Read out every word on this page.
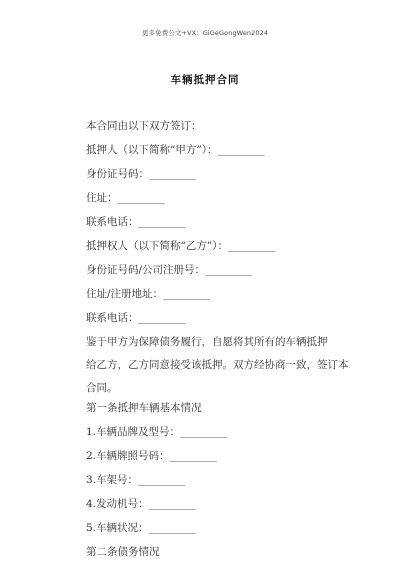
更多免费公文+VX：GiGeGongWen2024
车辆抵押合同
本合同由以下双方签订：
抵押人（以下简称“甲方”）：_________
身份证号码：_________
住址：_________
联系电话：_________
抵押权人（以下简称“乙方”）：_________
身份证号码/公司注册号：_________
住址/注册地址：_________
联系电话：_________
鉴于甲方为保障债务履行，自愿将其所有的车辆抵押
给乙方，乙方同意接受该抵押。双方经协商一致，签订本
合同。
第一条抵押车辆基本情况
1.车辆品牌及型号：_________
2.车辆牌照号码：_________
3.车架号：_________
4.发动机号：_________
5.车辆状况：_________
第二条债务情况
